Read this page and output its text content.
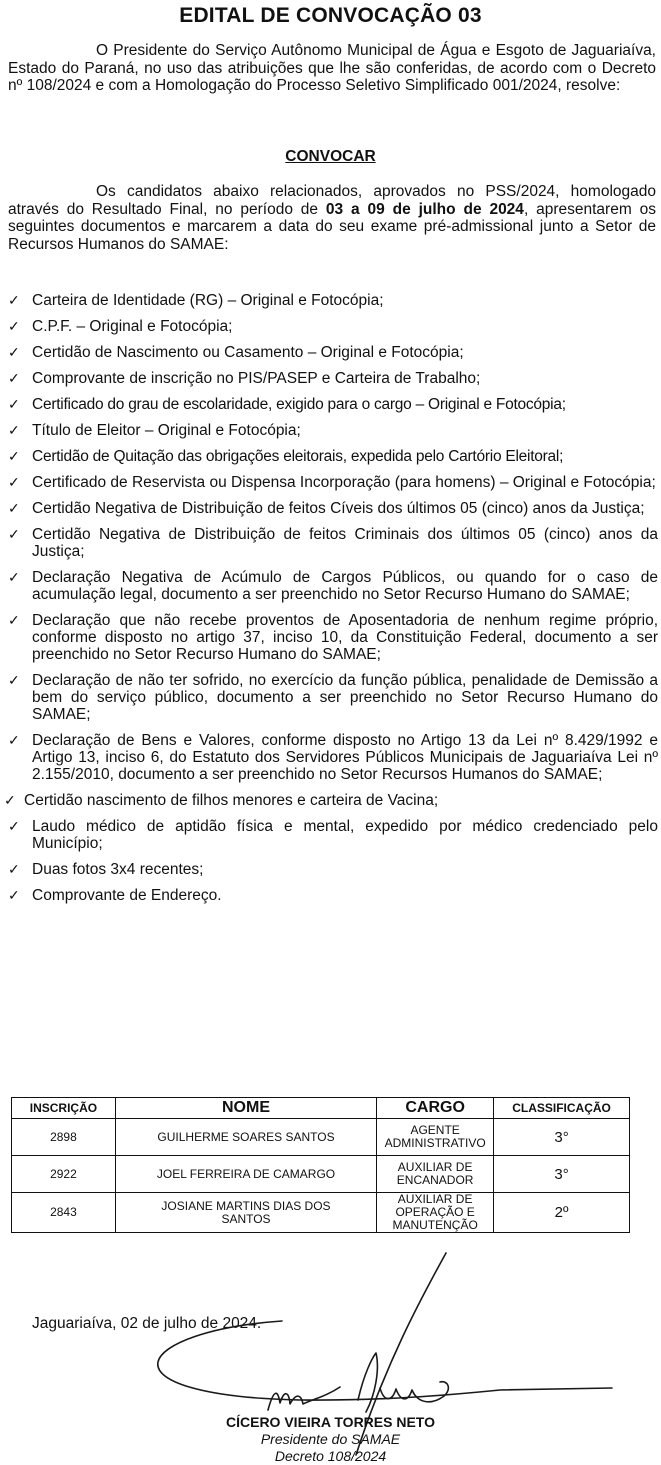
EDITAL DE CONVOCAÇÃO 03

O Presidente do Serviço Autônomo Municipal de Água e Esgoto de Jaguariaíva, Estado do Paraná, no uso das atribuições que lhe são conferidas, de acordo com o Decreto nº 108/2024 e com a Homologação do Processo Seletivo Simplificado 001/2024, resolve:

CONVOCAR

Os candidatos abaixo relacionados, aprovados no PSS/2024, homologado através do Resultado Final, no período de 03 a 09 de julho de 2024, apresentarem os seguintes documentos e marcarem a data do seu exame pré-admissional junto a Setor de Recursos Humanos do SAMAE:

✓ Carteira de Identidade (RG) – Original e Fotocópia;
✓ C.P.F. – Original e Fotocópia;
✓ Certidão de Nascimento ou Casamento – Original e Fotocópia;
✓ Comprovante de inscrição no PIS/PASEP e Carteira de Trabalho;
✓ Certificado do grau de escolaridade, exigido para o cargo – Original e Fotocópia;
✓ Título de Eleitor – Original e Fotocópia;
✓ Certidão de Quitação das obrigações eleitorais, expedida pelo Cartório Eleitoral;
✓ Certificado de Reservista ou Dispensa Incorporação (para homens) – Original e Fotocópia;
✓ Certidão Negativa de Distribuição de feitos Cíveis dos últimos 05 (cinco) anos da Justiça;
✓ Certidão Negativa de Distribuição de feitos Criminais dos últimos 05 (cinco) anos da Justiça;
✓ Declaração Negativa de Acúmulo de Cargos Públicos, ou quando for o caso de acumulação legal, documento a ser preenchido no Setor Recurso Humano do SAMAE;
✓ Declaração que não recebe proventos de Aposentadoria de nenhum regime próprio, conforme disposto no artigo 37, inciso 10, da Constituição Federal, documento a ser preenchido no Setor Recurso Humano do SAMAE;
✓ Declaração de não ter sofrido, no exercício da função pública, penalidade de Demissão a bem do serviço público, documento a ser preenchido no Setor Recurso Humano do SAMAE;
✓ Declaração de Bens e Valores, conforme disposto no Artigo 13 da Lei nº 8.429/1992 e Artigo 13, inciso 6, do Estatuto dos Servidores Públicos Municipais de Jaguariaíva Lei nº 2.155/2010, documento a ser preenchido no Setor Recursos Humanos do SAMAE;
✓ Certidão nascimento de filhos menores e carteira de Vacina;
✓ Laudo médico de aptidão física e mental, expedido por médico credenciado pelo Município;
✓ Duas fotos 3x4 recentes;
✓ Comprovante de Endereço.
INSCRIÇÃO	NOME	CARGO	CLASSIFICAÇÃO
2898	GUILHERME SOARES SANTOS	AGENTE ADMINISTRATIVO	3°
2922	JOEL FERREIRA DE CAMARGO	AUXILIAR DE ENCANADOR	3°
2843	JOSIANE MARTINS DIAS DOS SANTOS	AUXILIAR DE OPERAÇÃO E MANUTENÇÃO	2º
Jaguariaíva, 02 de julho de 2024.
CÍCERO VIEIRA TORRES NETO
Presidente do SAMAE
Decreto 108/2024
